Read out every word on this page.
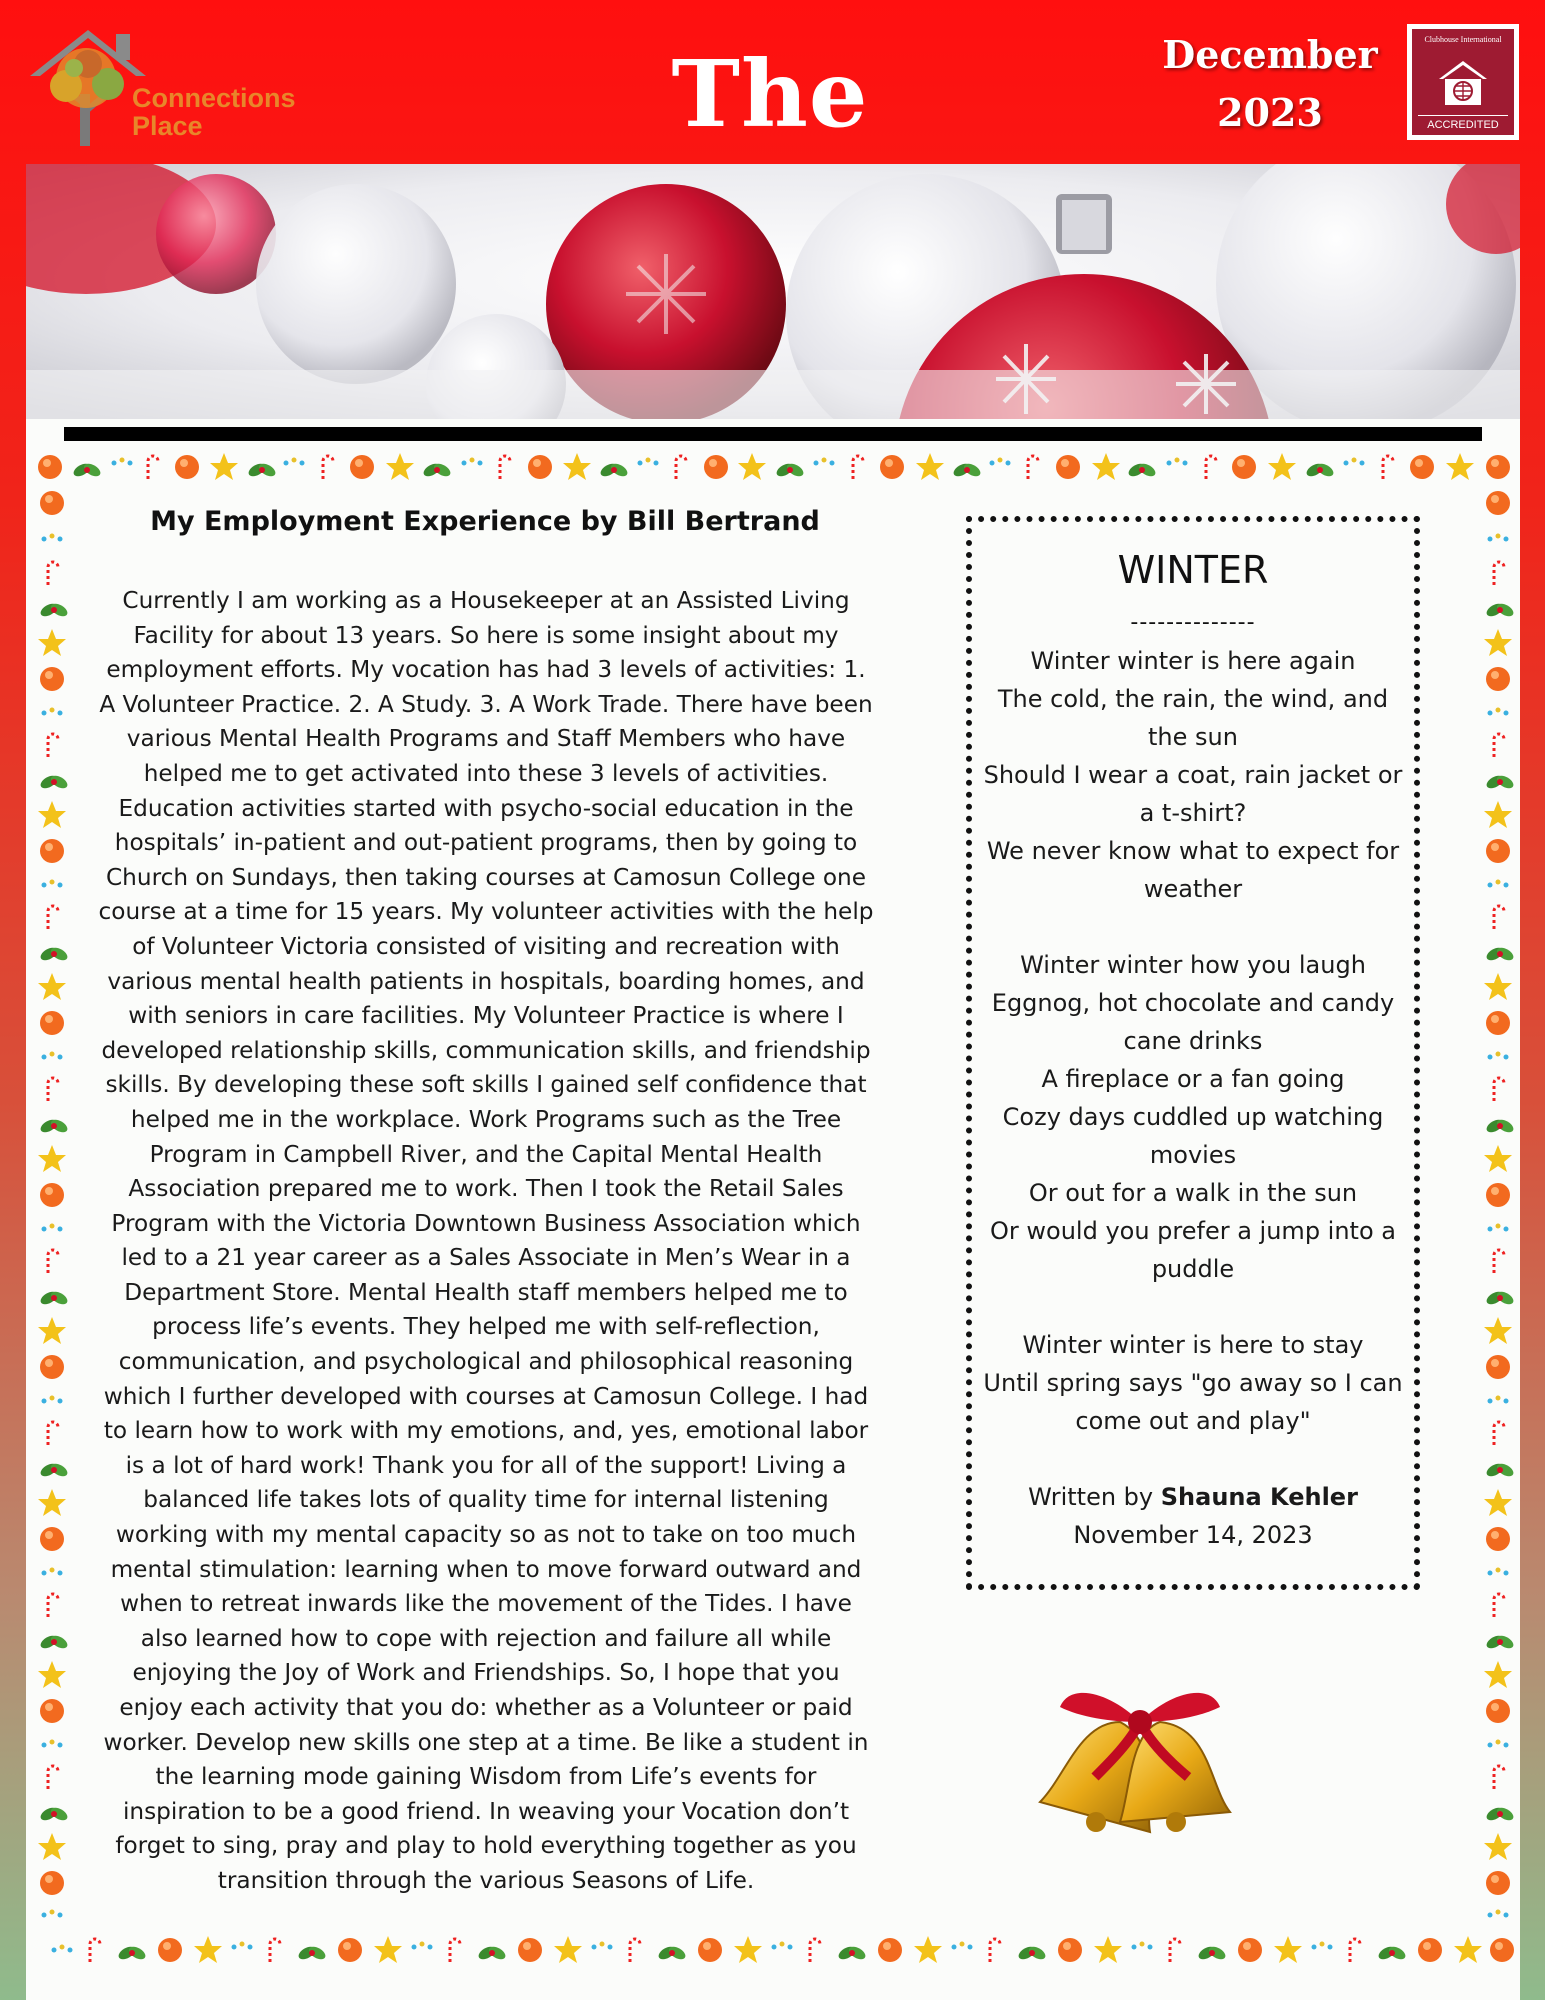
Connections
Place	The	December
2023
Clubhouse International
ACCREDITED
My Employment Experience by Bill Bertrand
Currently I am working as a Housekeeper at an Assisted Living Facility for about 13 years. So here is some insight about my employment efforts. My vocation has had 3 levels of activities: 1. A Volunteer Practice. 2. A Study. 3. A Work Trade. There have been various Mental Health Programs and Staff Members who have helped me to get activated into these 3 levels of activities. Education activities started with psycho-social education in the hospitals’ in-patient and out-patient programs, then by going to Church on Sundays, then taking courses at Camosun College one course at a time for 15 years. My volunteer activities with the help of Volunteer Victoria consisted of visiting and recreation with various mental health patients in hospitals, boarding homes, and with seniors in care facilities. My Volunteer Practice is where I developed relationship skills, communication skills, and friendship skills. By developing these soft skills I gained self confidence that helped me in the workplace. Work Programs such as the Tree Program in Campbell River, and the Capital Mental Health Association prepared me to work. Then I took the Retail Sales Program with the Victoria Downtown Business Association which led to a 21 year career as a Sales Associate in Men’s Wear in a Department Store. Mental Health staff members helped me to process life’s events. They helped me with self-reflection, communication, and psychological and philosophical reasoning which I further developed with courses at Camosun College. I had to learn how to work with my emotions, and, yes, emotional labor is a lot of hard work! Thank you for all of the support! Living a balanced life takes lots of quality time for internal listening working with my mental capacity so as not to take on too much mental stimulation: learning when to move forward outward and when to retreat inwards like the movement of the Tides. I have also learned how to cope with rejection and failure all while enjoying the Joy of Work and Friendships. So, I hope that you enjoy each activity that you do: whether as a Volunteer or paid worker. Develop new skills one step at a time. Be like a student in the learning mode gaining Wisdom from Life’s events for inspiration to be a good friend. In weaving your Vocation don’t forget to sing, pray and play to hold everything together as you transition through the various Seasons of Life.
WINTER
--------------
Winter winter is here again
The cold, the rain, the wind, and the sun
Should I wear a coat, rain jacket or a t-shirt?
We never know what to expect for weather
Winter winter how you laugh
Eggnog, hot chocolate and candy cane drinks
A fireplace or a fan going
Cozy days cuddled up watching movies
Or out for a walk in the sun
Or would you prefer a jump into a puddle
Winter winter is here to stay
Until spring says "go away so I can come out and play"
Written by Shauna Kehler
November 14, 2023
